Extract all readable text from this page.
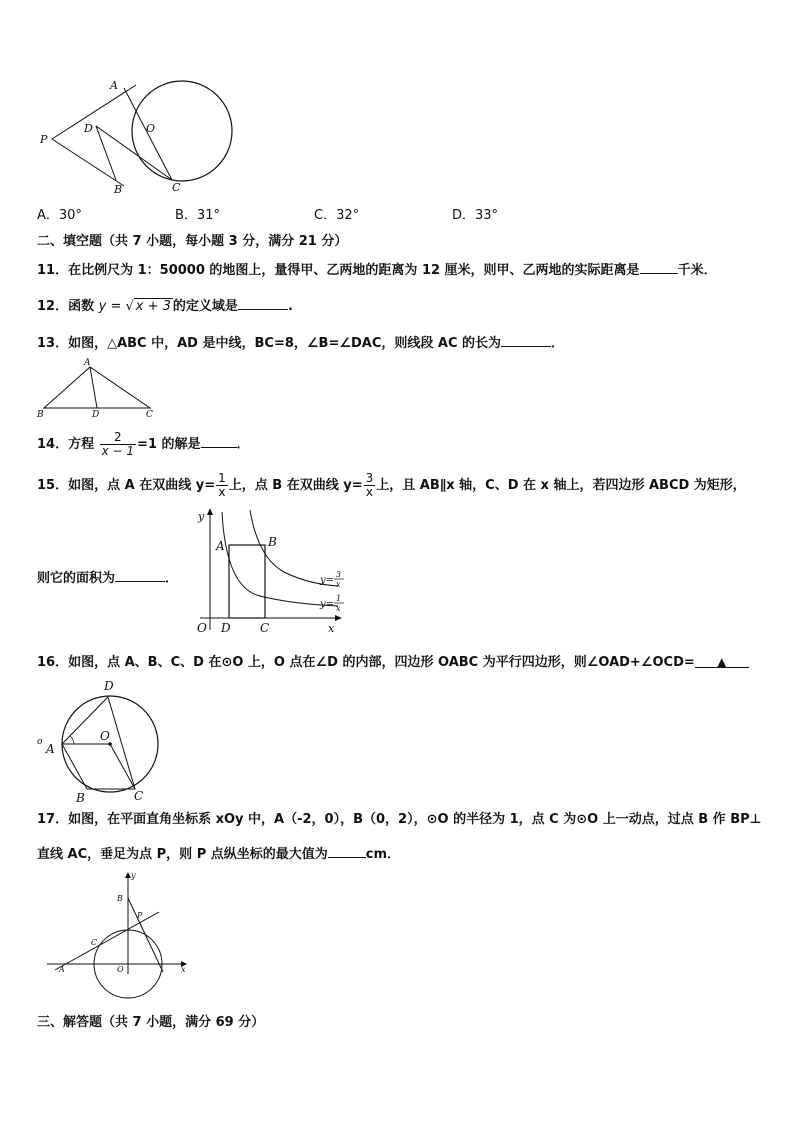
A
O
P
D
B	C
A．30°	B．31°	C．32°	D．33°
二、填空题（共 7 小题，每小题 3 分，满分 21 分）
11．在比例尺为 1：50000 的地图上，量得甲、乙两地的距离为 12 厘米，则甲、乙两地的实际距离是	千米．
12．函数 y = √ x + 3 的定义域是	.
13．如图，△ABC 中，AD 是中线，BC=8，∠B=∠DAC，则线段 AC 的长为	．
A
B	D	C
14．方程 $\frac{2}{x - 1} =1$ 的解是	．
15．如图，点 A 在双曲线 $y= \frac{1}{x}$ 上，点 B 在双曲线 $y= \frac{3}{x}$ 上，且 AB∥x 轴，C、D 在 x 轴上，若四边形 ABCD 为矩形，
则它的面积为	．
y
A	B
O D C	x
y=
3
x
y=
1
x
16．如图，点 A、B、C、D 在⊙O 上，O 点在∠D 的内部，四边形 OABC 为平行四边形，则∠OAD+∠OCD= ▲
D
A
o	O
B	C
17．如图，在平面直角坐标系 xOy 中，A（-2，0），B（0，2），⊙O 的半径为 1，点 C 为⊙O 上一动点，过点 B 作 BP⊥
直线 AC，垂足为点 P，则 P 点纵坐标的最大值为	cm．
y
B
P
C
A	O	x
三、解答题（共 7 小题，满分 69 分）
